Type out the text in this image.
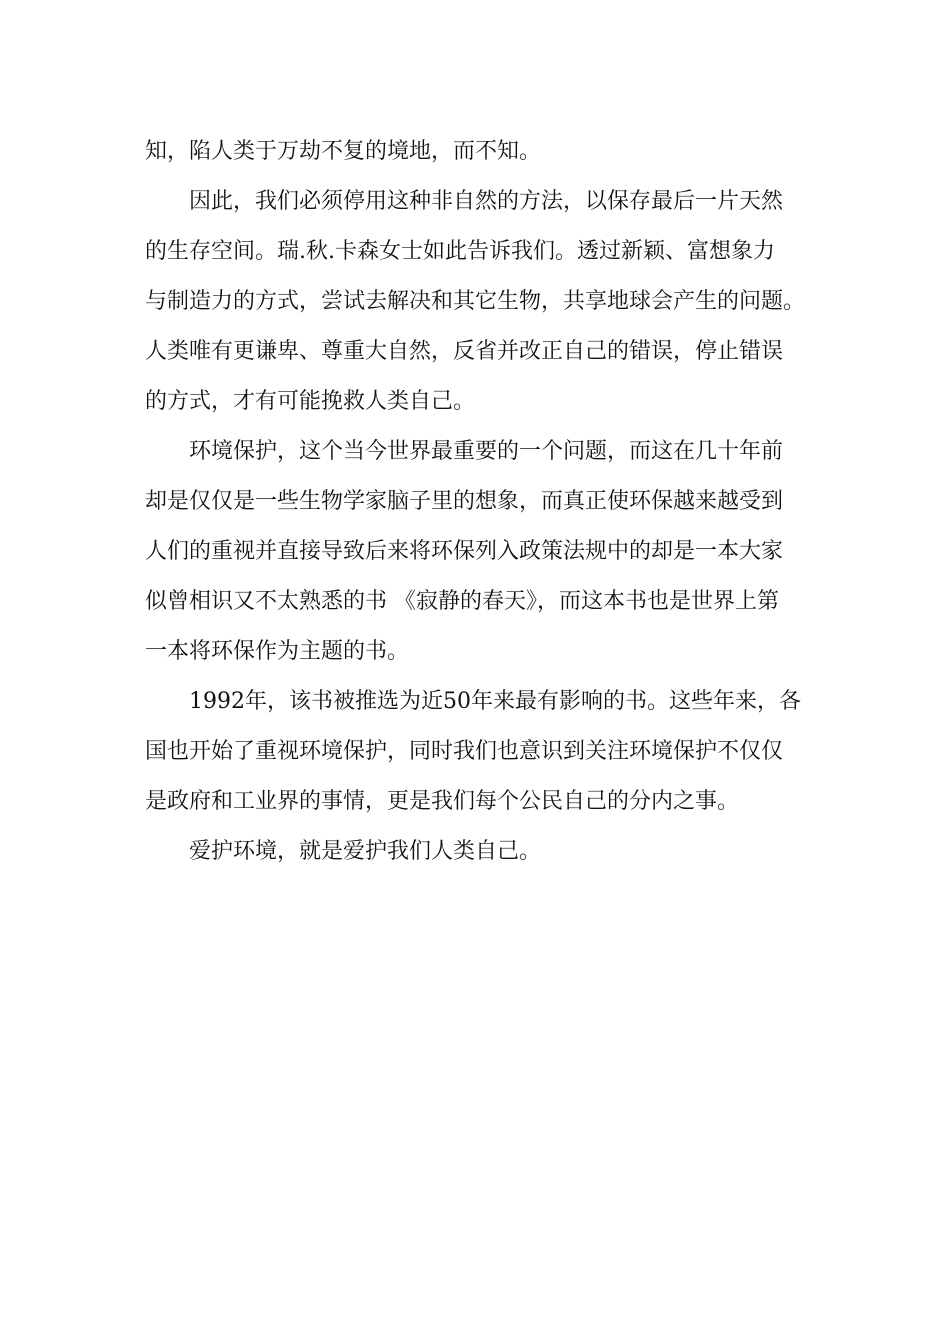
知，陷人类于万劫不复的境地，而不知。
因此，我们必须停用这种非自然的方法，以保存最后一片天然
的生存空间。瑞.秋.卡森女士如此告诉我们。透过新颖、富想象力
与制造力的方式，尝试去解决和其它生物，共享地球会产生的问题。
人类唯有更谦卑、尊重大自然，反省并改正自己的错误，停止错误
的方式，才有可能挽救人类自己。
环境保护，这个当今世界最重要的一个问题，而这在几十年前
却是仅仅是一些生物学家脑子里的想象，而真正使环保越来越受到
人们的重视并直接导致后来将环保列入政策法规中的却是一本大家
似曾相识又不太熟悉的书 《寂静的春天》，而这本书也是世界上第
一本将环保作为主题的书。
1992年，该书被推选为近50年来最有影响的书。这些年来，各
国也开始了重视环境保护，同时我们也意识到关注环境保护不仅仅
是政府和工业界的事情，更是我们每个公民自己的分内之事。
爱护环境，就是爱护我们人类自己。
